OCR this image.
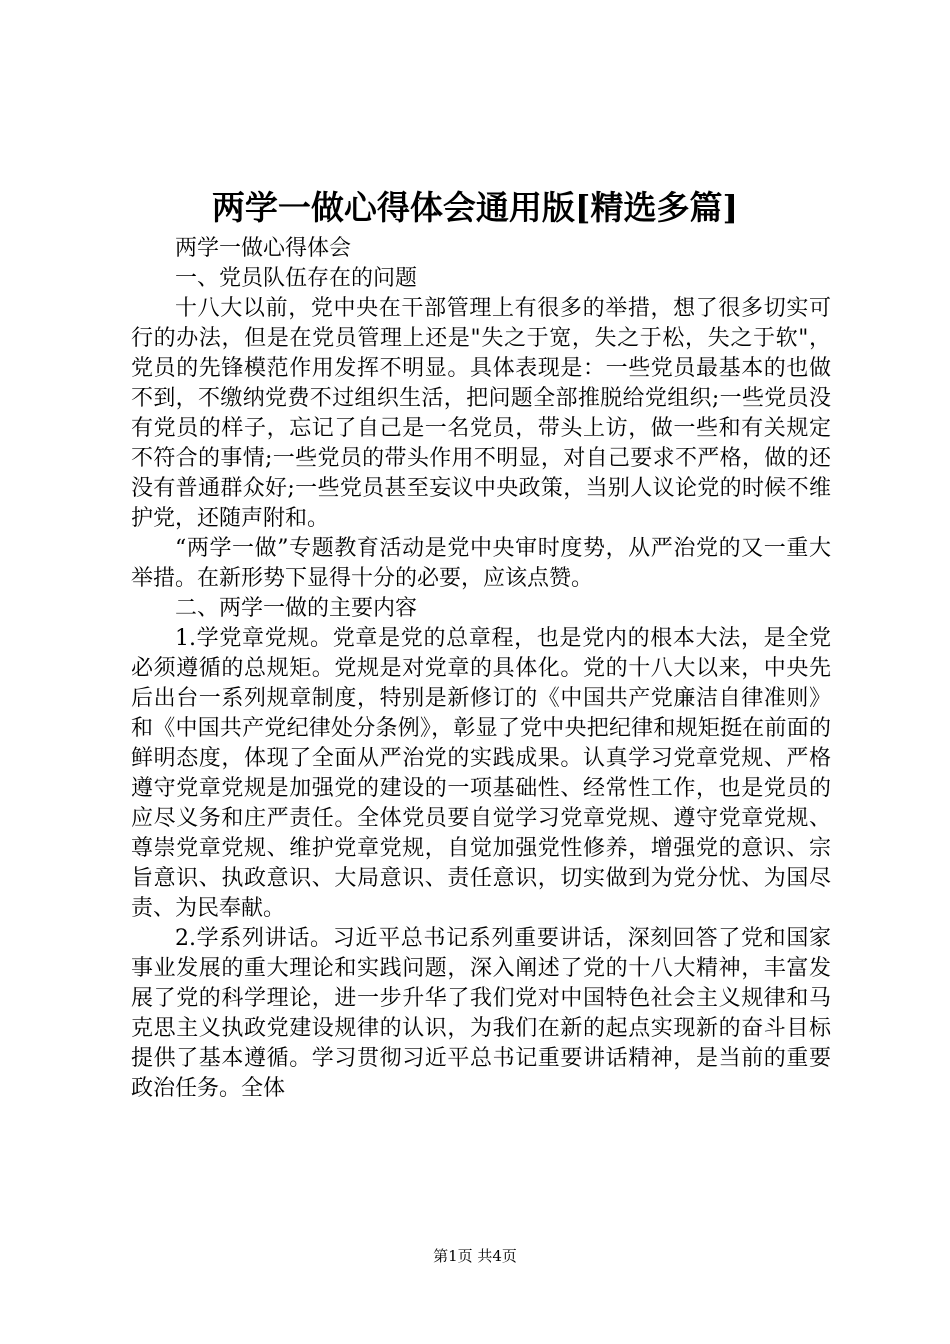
两学一做心得体会通用版[精选多篇]

两学一做心得体会

一、党员队伍存在的问题

十八大以前，党中央在干部管理上有很多的举措，想了很多切实可行的办法，但是在党员管理上还是"失之于宽，失之于松，失之于软"，党员的先锋模范作用发挥不明显。具体表现是：一些党员最基本的也做不到，不缴纳党费不过组织生活，把问题全部推脱给党组织;一些党员没有党员的样子，忘记了自己是一名党员，带头上访，做一些和有关规定不符合的事情;一些党员的带头作用不明显，对自己要求不严格，做的还没有普通群众好;一些党员甚至妄议中央政策，当别人议论党的时候不维护党，还随声附和。

“两学一做”专题教育活动是党中央审时度势，从严治党的又一重大举措。在新形势下显得十分的必要，应该点赞。

二、两学一做的主要内容

1.学党章党规。党章是党的总章程，也是党内的根本大法，是全党必须遵循的总规矩。党规是对党章的具体化。党的十八大以来，中央先后出台一系列规章制度，特别是新修订的《中国共产党廉洁自律准则》和《中国共产党纪律处分条例》，彰显了党中央把纪律和规矩挺在前面的鲜明态度，体现了全面从严治党的实践成果。认真学习党章党规、严格遵守党章党规是加强党的建设的一项基础性、经常性工作，也是党员的应尽义务和庄严责任。全体党员要自觉学习党章党规、遵守党章党规、尊崇党章党规、维护党章党规，自觉加强党性修养，增强党的意识、宗旨意识、执政意识、大局意识、责任意识，切实做到为党分忧、为国尽责、为民奉献。

2.学系列讲话。习近平总书记系列重要讲话，深刻回答了党和国家事业发展的重大理论和实践问题，深入阐述了党的十八大精神，丰富发展了党的科学理论，进一步升华了我们党对中国特色社会主义规律和马克思主义执政党建设规律的认识，为我们在新的起点实现新的奋斗目标提供了基本遵循。学习贯彻习近平总书记重要讲话精神，是当前的重要政治任务。全体

第1页 共4页
